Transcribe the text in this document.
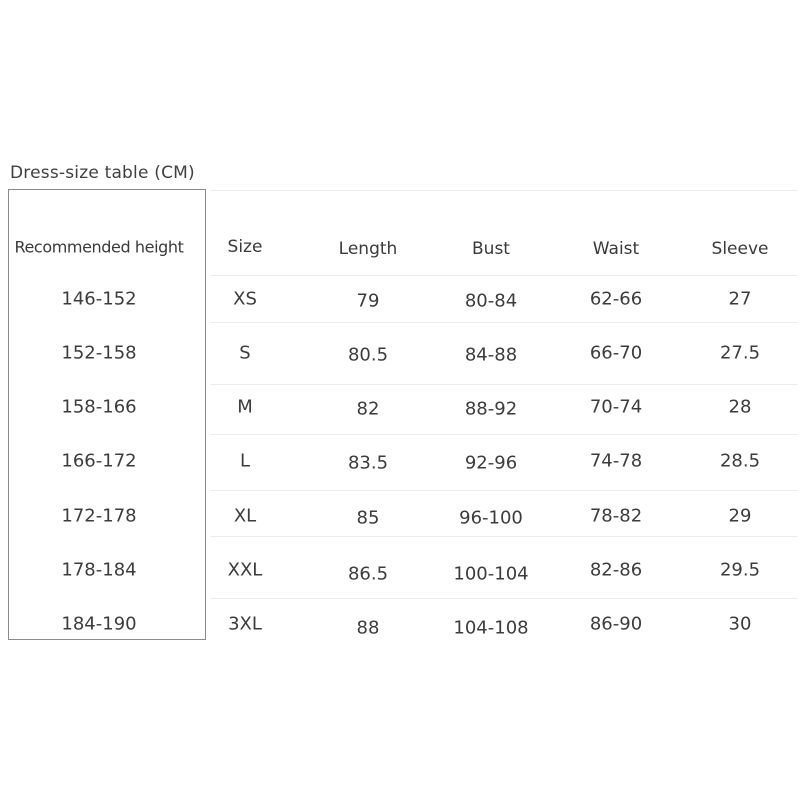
Dress-size table (CM)
Recommended height	Size	Length	Bust	Waist	Sleeve
146-152	XS	79	80-84	62-66	27
152-158	S	80.5	84-88	66-70	27.5
158-166	M	82	88-92	70-74	28
166-172	L	83.5	92-96	74-78	28.5
172-178	XL	85	96-100	78-82	29
178-184	XXL	86.5	100-104	82-86	29.5
184-190	3XL	88	104-108	86-90	30
